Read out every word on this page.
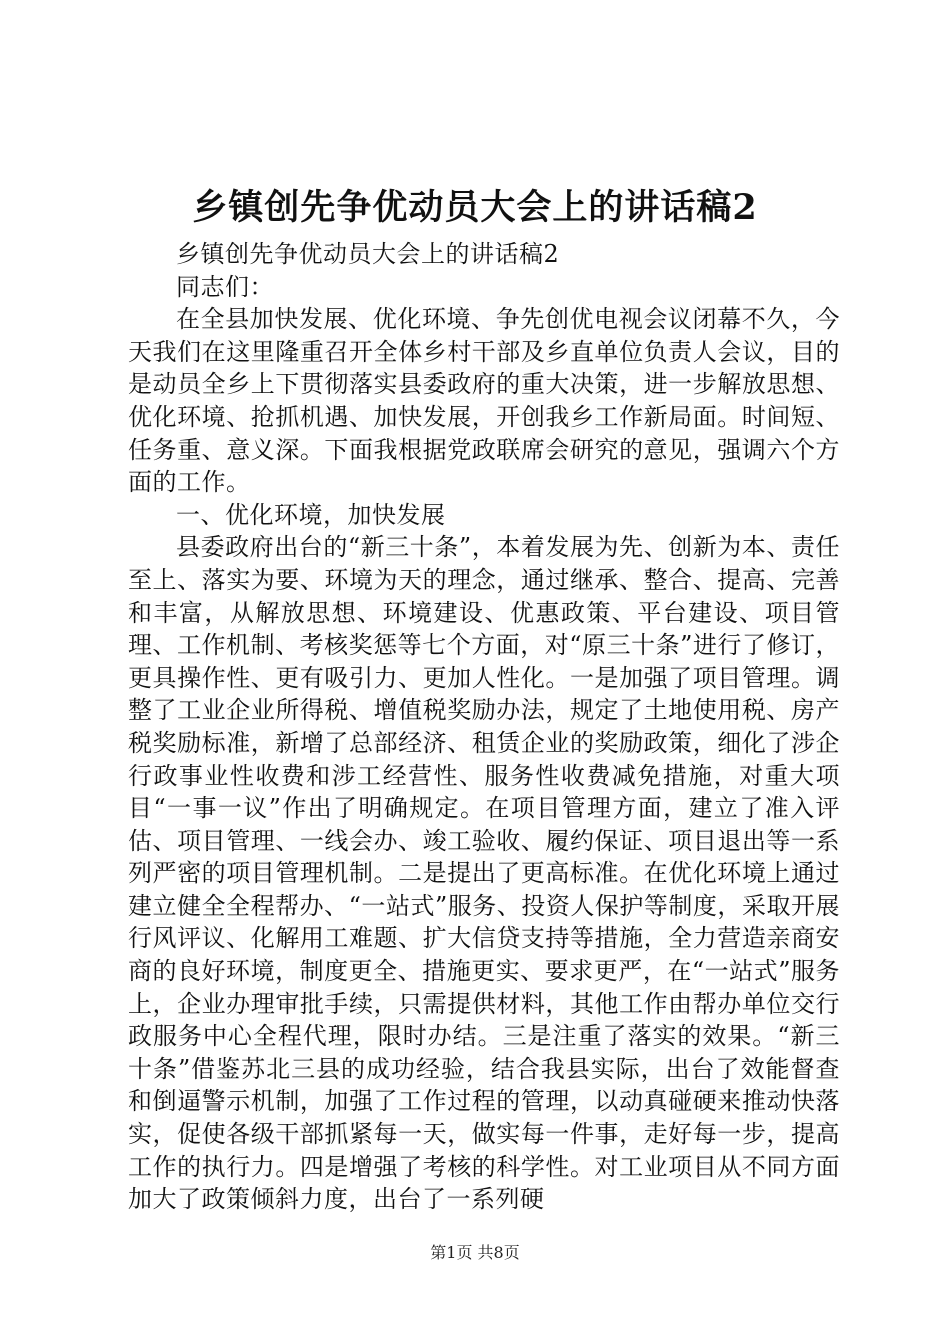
乡镇创先争优动员大会上的讲话稿2

乡镇创先争优动员大会上的讲话稿2

同志们：

在全县加快发展、优化环境、争先创优电视会议闭幕不久，今天我们在这里隆重召开全体乡村干部及乡直单位负责人会议，目的是动员全乡上下贯彻落实县委政府的重大决策，进一步解放思想、优化环境、抢抓机遇、加快发展，开创我乡工作新局面。时间短、任务重、意义深。下面我根据党政联席会研究的意见，强调六个方面的工作。

一、优化环境，加快发展

县委政府出台的“新三十条”，本着发展为先、创新为本、责任至上、落实为要、环境为天的理念，通过继承、整合、提高、完善和丰富，从解放思想、环境建设、优惠政策、平台建设、项目管理、工作机制、考核奖惩等七个方面，对“原三十条”进行了修订，更具操作性、更有吸引力、更加人性化。一是加强了项目管理。调整了工业企业所得税、增值税奖励办法，规定了土地使用税、房产税奖励标准，新增了总部经济、租赁企业的奖励政策，细化了涉企行政事业性收费和涉工经营性、服务性收费减免措施，对重大项目“一事一议”作出了明确规定。在项目管理方面，建立了准入评估、项目管理、一线会办、竣工验收、履约保证、项目退出等一系列严密的项目管理机制。二是提出了更高标准。在优化环境上通过建立健全全程帮办、“一站式”服务、投资人保护等制度，采取开展行风评议、化解用工难题、扩大信贷支持等措施，全力营造亲商安商的良好环境，制度更全、措施更实、要求更严，在“一站式”服务上，企业办理审批手续，只需提供材料，其他工作由帮办单位交行政服务中心全程代理，限时办结。三是注重了落实的效果。“新三十条”借鉴苏北三县的成功经验，结合我县实际，出台了效能督查和倒逼警示机制，加强了工作过程的管理，以动真碰硬来推动快落实，促使各级干部抓紧每一天，做实每一件事，走好每一步，提高工作的执行力。四是增强了考核的科学性。对工业项目从不同方面加大了政策倾斜力度，出台了一系列硬

第1页 共8页
